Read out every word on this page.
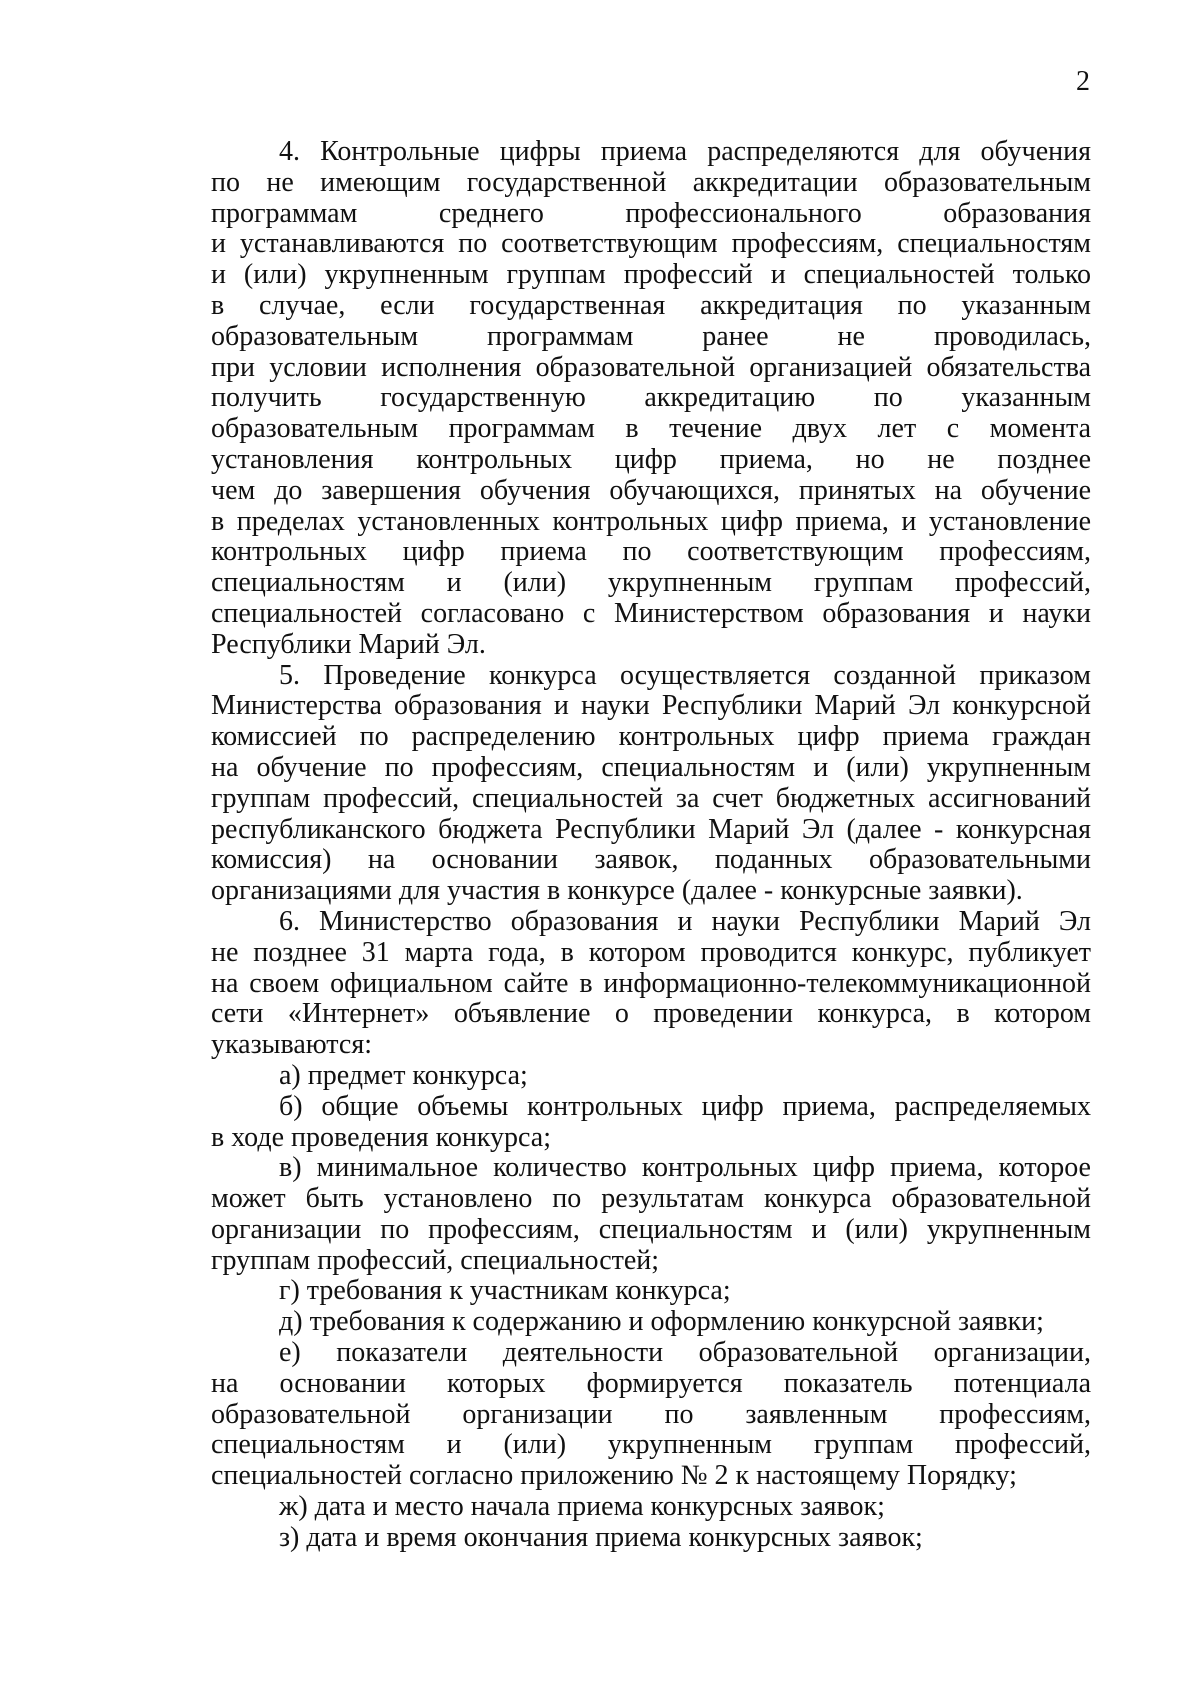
2
4. Контрольные цифры приема распределяются для обучения
по не имеющим государственной аккредитации образовательным
программам среднего профессионального образования
и устанавливаются по соответствующим профессиям, специальностям
и (или) укрупненным группам профессий и специальностей только
в случае, если государственная аккредитация по указанным
образовательным программам ранее не проводилась,
при условии исполнения образовательной организацией обязательства
получить государственную аккредитацию по указанным
образовательным программам в течение двух лет с момента
установления контрольных цифр приема, но не позднее
чем до завершения обучения обучающихся, принятых на обучение
в пределах установленных контрольных цифр приема, и установление
контрольных цифр приема по соответствующим профессиям,
специальностям и (или) укрупненным группам профессий,
специальностей согласовано с Министерством образования и науки
Республики Марий Эл.
5. Проведение конкурса осуществляется созданной приказом
Министерства образования и науки Республики Марий Эл конкурсной
комиссией по распределению контрольных цифр приема граждан
на обучение по профессиям, специальностям и (или) укрупненным
группам профессий, специальностей за счет бюджетных ассигнований
республиканского бюджета Республики Марий Эл (далее - конкурсная
комиссия) на основании заявок, поданных образовательными
организациями для участия в конкурсе (далее - конкурсные заявки).
6. Министерство образования и науки Республики Марий Эл
не позднее 31 марта года, в котором проводится конкурс, публикует
на своем официальном сайте в информационно-телекоммуникационной
сети «Интернет» объявление о проведении конкурса, в котором
указываются:
а) предмет конкурса;
б) общие объемы контрольных цифр приема, распределяемых
в ходе проведения конкурса;
в) минимальное количество контрольных цифр приема, которое
может быть установлено по результатам конкурса образовательной
организации по профессиям, специальностям и (или) укрупненным
группам профессий, специальностей;
г) требования к участникам конкурса;
д) требования к содержанию и оформлению конкурсной заявки;
е) показатели деятельности образовательной организации,
на основании которых формируется показатель потенциала
образовательной организации по заявленным профессиям,
специальностям и (или) укрупненным группам профессий,
специальностей согласно приложению № 2 к настоящему Порядку;
ж) дата и место начала приема конкурсных заявок;
з) дата и время окончания приема конкурсных заявок;
